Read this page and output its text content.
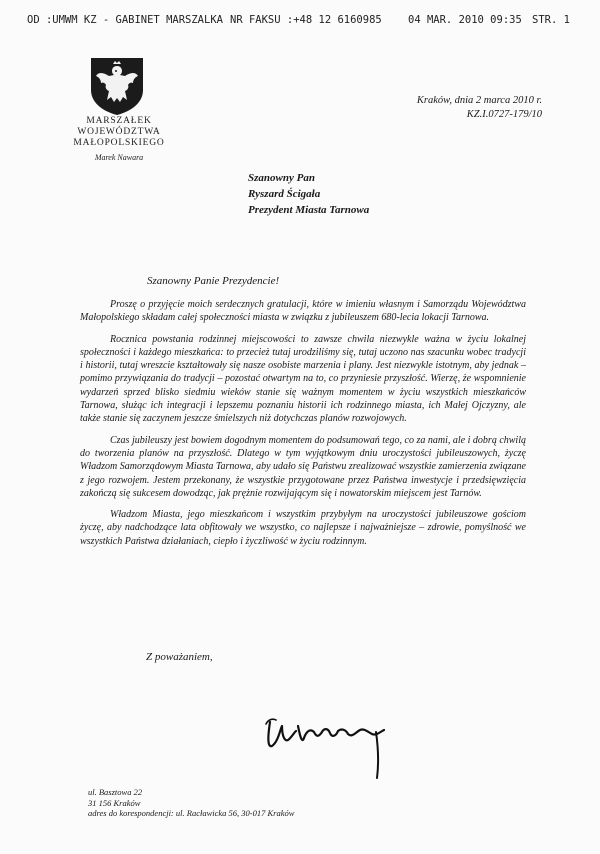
OD :UMWM KZ - GABINET MARSZALKA NR FAKSU :+48 12 6160985	04 MAR. 2010 09:35 STR. 1
MARSZAŁEK
WOJEWÓDZTWA
MAŁOPOLSKIEGO
Marek Nawara
Kraków, dnia 2 marca 2010 r.
KZ.I.0727-179/10
Szanowny Pan
Ryszard Ścigała
Prezydent Miasta Tarnowa
Szanowny Panie Prezydencie!

Proszę o przyjęcie moich serdecznych gratulacji, które w imieniu własnym i Samorządu Województwa Małopolskiego składam całej społeczności miasta w związku z jubileuszem 680-lecia lokacji Tarnowa.

Rocznica powstania rodzinnej miejscowości to zawsze chwila niezwykle ważna w życiu lokalnej społeczności i każdego mieszkańca: to przecież tutaj urodziliśmy się, tutaj uczono nas szacunku wobec tradycji i historii, tutaj wreszcie kształtowały się nasze osobiste marzenia i plany. Jest niezwykle istotnym, aby jednak – pomimo przywiązania do tradycji – pozostać otwartym na to, co przyniesie przyszłość. Wierzę, że wspomnienie wydarzeń sprzed blisko siedmiu wieków stanie się ważnym momentem w życiu wszystkich mieszkańców Tarnowa, służąc ich integracji i lepszemu poznaniu historii ich rodzinnego miasta, ich Małej Ojczyzny, ale także stanie się zaczynem jeszcze śmielszych niż dotychczas planów rozwojowych.

Czas jubileuszy jest bowiem dogodnym momentem do podsumowań tego, co za nami, ale i dobrą chwilą do tworzenia planów na przyszłość. Dlatego w tym wyjątkowym dniu uroczystości jubileuszowych, życzę Władzom Samorządowym Miasta Tarnowa, aby udało się Państwu zrealizować wszystkie zamierzenia związane z jego rozwojem. Jestem przekonany, że wszystkie przygotowane przez Państwa inwestycje i przedsięwzięcia zakończą się sukcesem dowodząc, jak prężnie rozwijającym się i nowatorskim miejscem jest Tarnów.

Władzom Miasta, jego mieszkańcom i wszystkim przybyłym na uroczystości jubileuszowe gościom życzę, aby nadchodzące lata obfitowały we wszystko, co najlepsze i najważniejsze – zdrowie, pomyślność we wszystkich Państwa działaniach, ciepło i życzliwość w życiu rodzinnym.

Z poważaniem,
ul. Basztowa 22
31 156 Kraków
adres do korespondencji: ul. Racławicka 56, 30-017 Kraków
